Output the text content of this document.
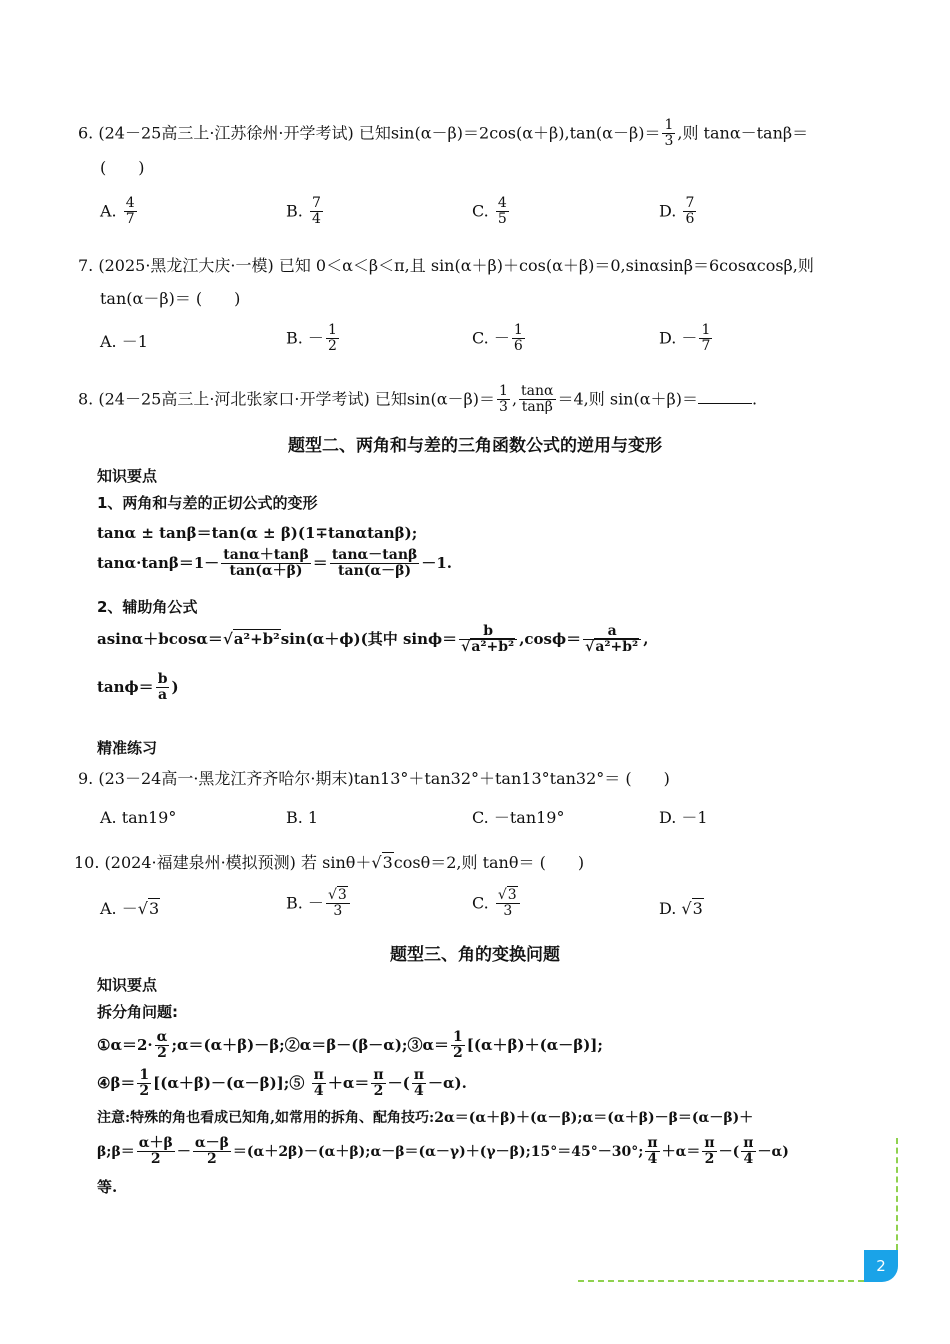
6. (24－25高三上·江苏徐州·开学考试) 已知$\sin(\alpha-\beta)=2\cos(\alpha+\beta),\tan(\alpha-\beta)= \frac{1}{3}$ ,则 tanα－tanβ＝
(　　)
A. $\frac{4}{7}$	B. $\frac{7}{4}$	C. $\frac{4}{5}$	D. $\frac{7}{6}$
7. (2025·黑龙江大庆·一模) 已知 0＜α＜β＜π,且 sin(α＋β)＋cos(α＋β)＝0,sinαsinβ＝6cosαcosβ,则
tan(α－β)＝ (　　)
A. －1	B. － $\frac{1}{2}$	C. － $\frac{1}{6}$	D. － $\frac{1}{7}$
8. (24－25高三上·河北张家口·开学考试) 已知$\sin(\alpha-\beta)= \frac{1}{3}$ , $\frac{\tan\alpha}{\tan\beta} =4$,则 sin(α＋β)＝	.
题型二、两角和与差的三角函数公式的逆用与变形
知识要点
1、两角和与差的正切公式的变形
tanα ± tanβ＝tan(α ± β)(1∓tanαtanβ);
$\tan\alpha\cdot\tan\beta=1- \frac{\tan\alpha+\tan\beta}{\tan(\alpha+\beta)} = \frac{\tan\alpha-\tan\beta}{\tan(\alpha-\beta)} -1$.
2、辅助角公式
asinα＋bcosα＝√a²+b²sin(α＋ϕ)(其中 $\sin\phi= \frac{b}{\text{√a²+b²}} ,\cos\phi= \frac{a}{\text{√a²+b²}}$ ,
$\tan\phi= \frac{b}{a}$ )
精准练习
9. (23－24高一·黑龙江齐齐哈尔·期末)tan13°＋tan32°＋tan13°tan32°＝ (　　)
A. tan19°	B. 1	C. －tan19°	D. －1
10. (2024·福建泉州·模拟预测) 若 sinθ＋√3cosθ＝2,则 tanθ＝ (　　)
A. －√3	B. － $\frac{√3}{3}$	C. $\frac{√3}{3}$	D. √3
题型三、角的变换问题
知识要点
拆分角问题:
①α＝2· $\frac{\alpha}{2}$ ;α＝(α＋β)－β;②α＝β－(β－α);③α＝ $\frac{1}{2} [(\alpha+\beta)+(\alpha-\beta)]$;
④β＝ $\frac{1}{2}$ [(α＋β)－(α－β)];⑤ $\frac{\pi}{4} +\alpha= \frac{\pi}{2}$ －( $\frac{\pi}{4} -\alpha$).
注意:特殊的角也看成已知角,如常用的拆角、配角技巧:2α＝(α＋β)＋(α－β);α＝(α＋β)－β＝(α－β)＋
β;β＝ $\frac{\alpha+\beta}{2} - \frac{\alpha-\beta}{2}$ ＝(α＋2β)－(α＋β);α－β＝(α－γ)＋(γ－β);15°＝45°－30°; $\frac{\pi}{4} +\alpha= \frac{\pi}{2}$ －( $\frac{\pi}{4} -\alpha$)
等.
2
